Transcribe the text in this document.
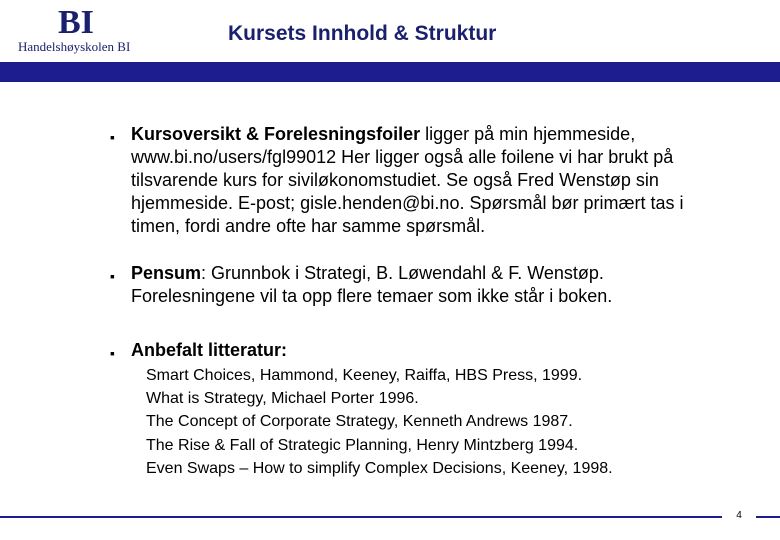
BI
Handelshøyskolen BI
Kursets Innhold & Struktur
▪ Kursoversikt & Forelesningsfoiler ligger på min hjemmeside, www.bi.no/users/fgl99012 Her ligger også alle foilene vi har brukt på tilsvarende kurs for siviløkonomstudiet. Se også Fred Wenstøp sin hjemmeside. E-post; gisle.henden@bi.no. Spørsmål bør primært tas i timen, fordi andre ofte har samme spørsmål.
▪ Pensum: Grunnbok i Strategi, B. Løwendahl & F. Wenstøp. Forelesningene vil ta opp flere temaer som ikke står i boken.
▪ Anbefalt litteratur:
Smart Choices, Hammond, Keeney, Raiffa, HBS Press, 1999.
What is Strategy, Michael Porter 1996.
The Concept of Corporate Strategy, Kenneth Andrews 1987.
The Rise & Fall of Strategic Planning, Henry Mintzberg 1994.
Even Swaps – How to simplify Complex Decisions, Keeney, 1998.
4
